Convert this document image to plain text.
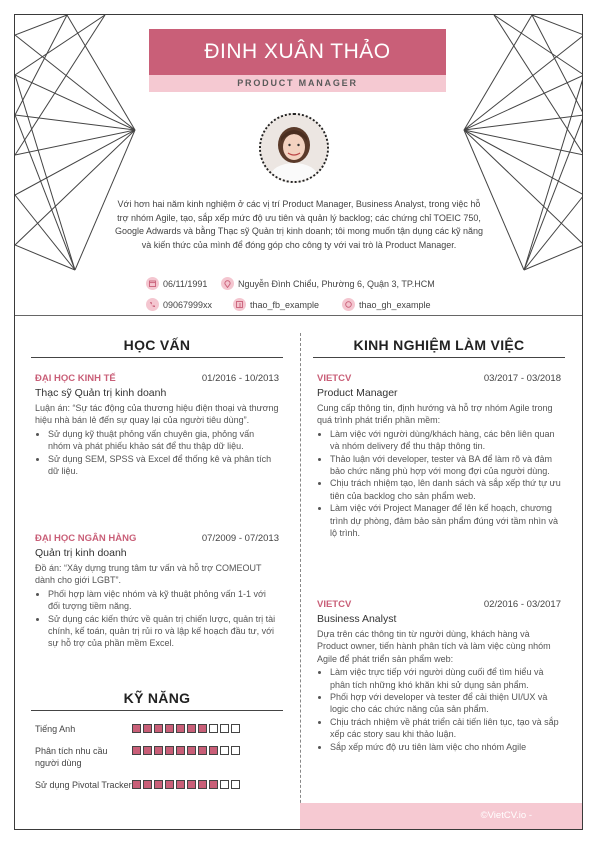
ĐINH XUÂN THẢO
PRODUCT MANAGER
Với hơn hai năm kinh nghiệm ở các vị trí Product Manager, Business Analyst, trong việc hỗ trợ nhóm Agile, tạo, sắp xếp mức độ ưu tiên và quản lý backlog; các chứng chỉ TOEIC 750, Google Adwards và bằng Thạc sỹ Quản trị kinh doanh; tôi mong muốn tận dụng các kỹ năng và kiến thức của mình để đóng góp cho công ty với vai trò là Product Manager.
06/11/1991	Nguyễn Đình Chiểu, Phường 6, Quận 3, TP.HCM
09067999xx	thao_fb_example	thao_gh_example
HỌC VẤN
ĐẠI HỌC KINH TẾ	01/2016 - 10/2013
Thạc sỹ Quản trị kinh doanh
Luận án: “Sự tác động của thương hiệu điện thoại và thương hiệu nhà bán lẻ đến sự quay lại của người tiêu dùng”.
• Sử dụng kỹ thuật phỏng vấn chuyên gia, phỏng vấn nhóm và phát phiếu khảo sát để thu thập dữ liệu.
• Sử dụng SEM, SPSS và Excel để thống kê và phân tích dữ liệu.
ĐẠI HỌC NGÂN HÀNG	07/2009 - 07/2013
Quản trị kinh doanh
Đồ án: “Xây dựng trung tâm tư vấn và hỗ trợ COMEOUT dành cho giới LGBT”.
• Phối hợp làm việc nhóm và kỹ thuật phỏng vấn 1-1 với đối tượng tiềm năng.
• Sử dụng các kiến thức về quản trị chiến lược, quản trị tài chính, kế toán, quản trị rủi ro và lập kế hoạch đầu tư, với sự hỗ trợ của phần mềm Excel.
KỸ NĂNG
KINH NGHIỆM LÀM VIỆC
VIETCV	03/2017 - 03/2018
Product Manager
Cung cấp thông tin, định hướng và hỗ trợ nhóm Agile trong quá trình phát triển phần mềm:
• Làm việc với người dùng/khách hàng, các bên liên quan và nhóm delivery để thu thập thông tin.
• Thảo luận với developer, tester và BA để làm rõ và đảm bảo chức năng phù hợp với mong đợi của người dùng.
• Chịu trách nhiệm tạo, lên danh sách và sắp xếp thứ tự ưu tiên của backlog cho sản phẩm web.
• Làm việc với Project Manager để lên kế hoạch, chương trình dự phòng, đảm bảo sản phẩm đúng với tầm nhìn và lộ trình.
VIETCV	02/2016 - 03/2017
Business Analyst
Dựa trên các thông tin từ người dùng, khách hàng và Product owner, tiến hành phân tích và làm việc cùng nhóm Agile để phát triển sản phẩm web:
• Làm việc trực tiếp với người dùng cuối để tìm hiểu và phân tích những khó khăn khi sử dụng sản phẩm.
• Phối hợp với developer và tester để cải thiện UI/UX và logic cho các chức năng của sản phẩm.
• Chịu trách nhiệm về phát triển cải tiến liên tục, tạo và sắp xếp các story sau khi thảo luận.
• Sắp xếp mức độ ưu tiên làm việc cho nhóm Agile
©VietCV.io -
Tiếng Anh
Phân tích nhu cầu người dùng
Sử dụng Pivotal Tracker
